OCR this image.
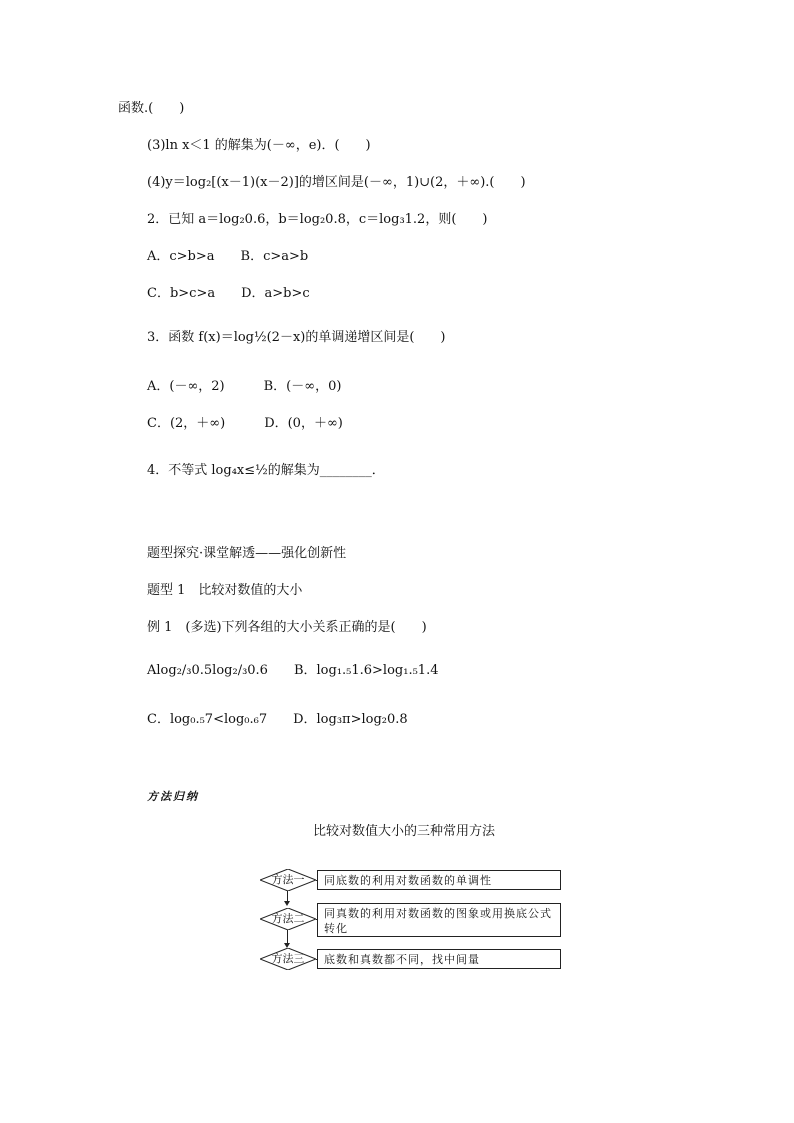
函数.(　　)
(3)ln x＜1 的解集为(－∞，e)．(　　)
(4)y＝log₂[(x－1)(x－2)]的增区间是(－∞，1)∪(2，＋∞).(　　)
2．已知 a＝log₂0.6，b＝log₂0.8，c＝log₃1.2，则(　　)
A．c>b>a　　B．c>a>b
C．b>c>a　　D．a>b>c
3．函数 f(x)＝log½(2－x)的单调递增区间是(　　)
A．(－∞，2)　　　B．(－∞，0)
C．(2，＋∞)　　　D．(0，＋∞)
4．不等式 log₄x≤½的解集为________．
题型探究·课堂解透——强化创新性
题型 1　比较对数值的大小
例 1　(多选)下列各组的大小关系正确的是(　　)
Alog₂/₃0.5log₂/₃0.6　　B．log₁.₅1.6>log₁.₅1.4
C．log₀.₅7<log₀.₆7　　D．log₃π>log₂0.8
方法归纳
比较对数值大小的三种常用方法
方法一	同底数的利用对数函数的单调性
方法二	同真数的利用对数函数的图象或用换底公式转化
方法三	底数和真数都不同，找中间量
